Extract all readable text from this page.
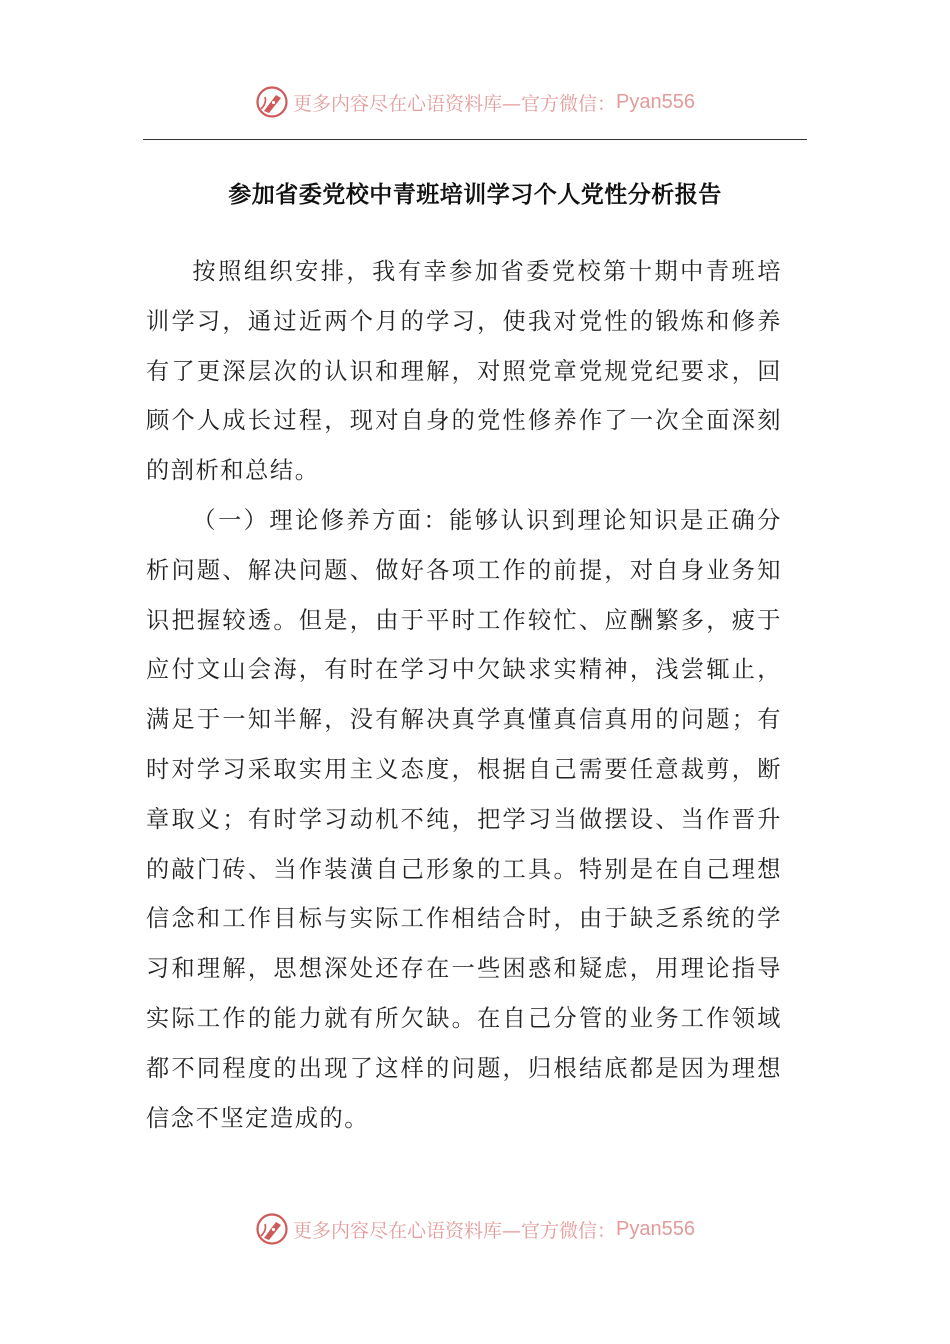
更多内容尽在心语资料库—官方微信： Pyan556
参加省委党校中青班培训学习个人党性分析报告

按照组织安排，我有幸参加省委党校第十期中青班培训学习，通过近两个月的学习，使我对党性的锻炼和修养有了更深层次的认识和理解，对照党章党规党纪要求，回顾个人成长过程，现对自身的党性修养作了一次全面深刻的剖析和总结。

（一）理论修养方面：能够认识到理论知识是正确分析问题、解决问题、做好各项工作的前提，对自身业务知识把握较透。但是，由于平时工作较忙、应酬繁多，疲于应付文山会海，有时在学习中欠缺求实精神，浅尝辄止，满足于一知半解，没有解决真学真懂真信真用的问题；有时对学习采取实用主义态度，根据自己需要任意裁剪，断章取义；有时学习动机不纯，把学习当做摆设、当作晋升的敲门砖、当作装潢自己形象的工具。特别是在自己理想信念和工作目标与实际工作相结合时，由于缺乏系统的学习和理解，思想深处还存在一些困惑和疑虑，用理论指导实际工作的能力就有所欠缺。在自己分管的业务工作领域都不同程度的出现了这样的问题，归根结底都是因为理想信念不坚定造成的。

更多内容尽在心语资料库—官方微信： Pyan556
